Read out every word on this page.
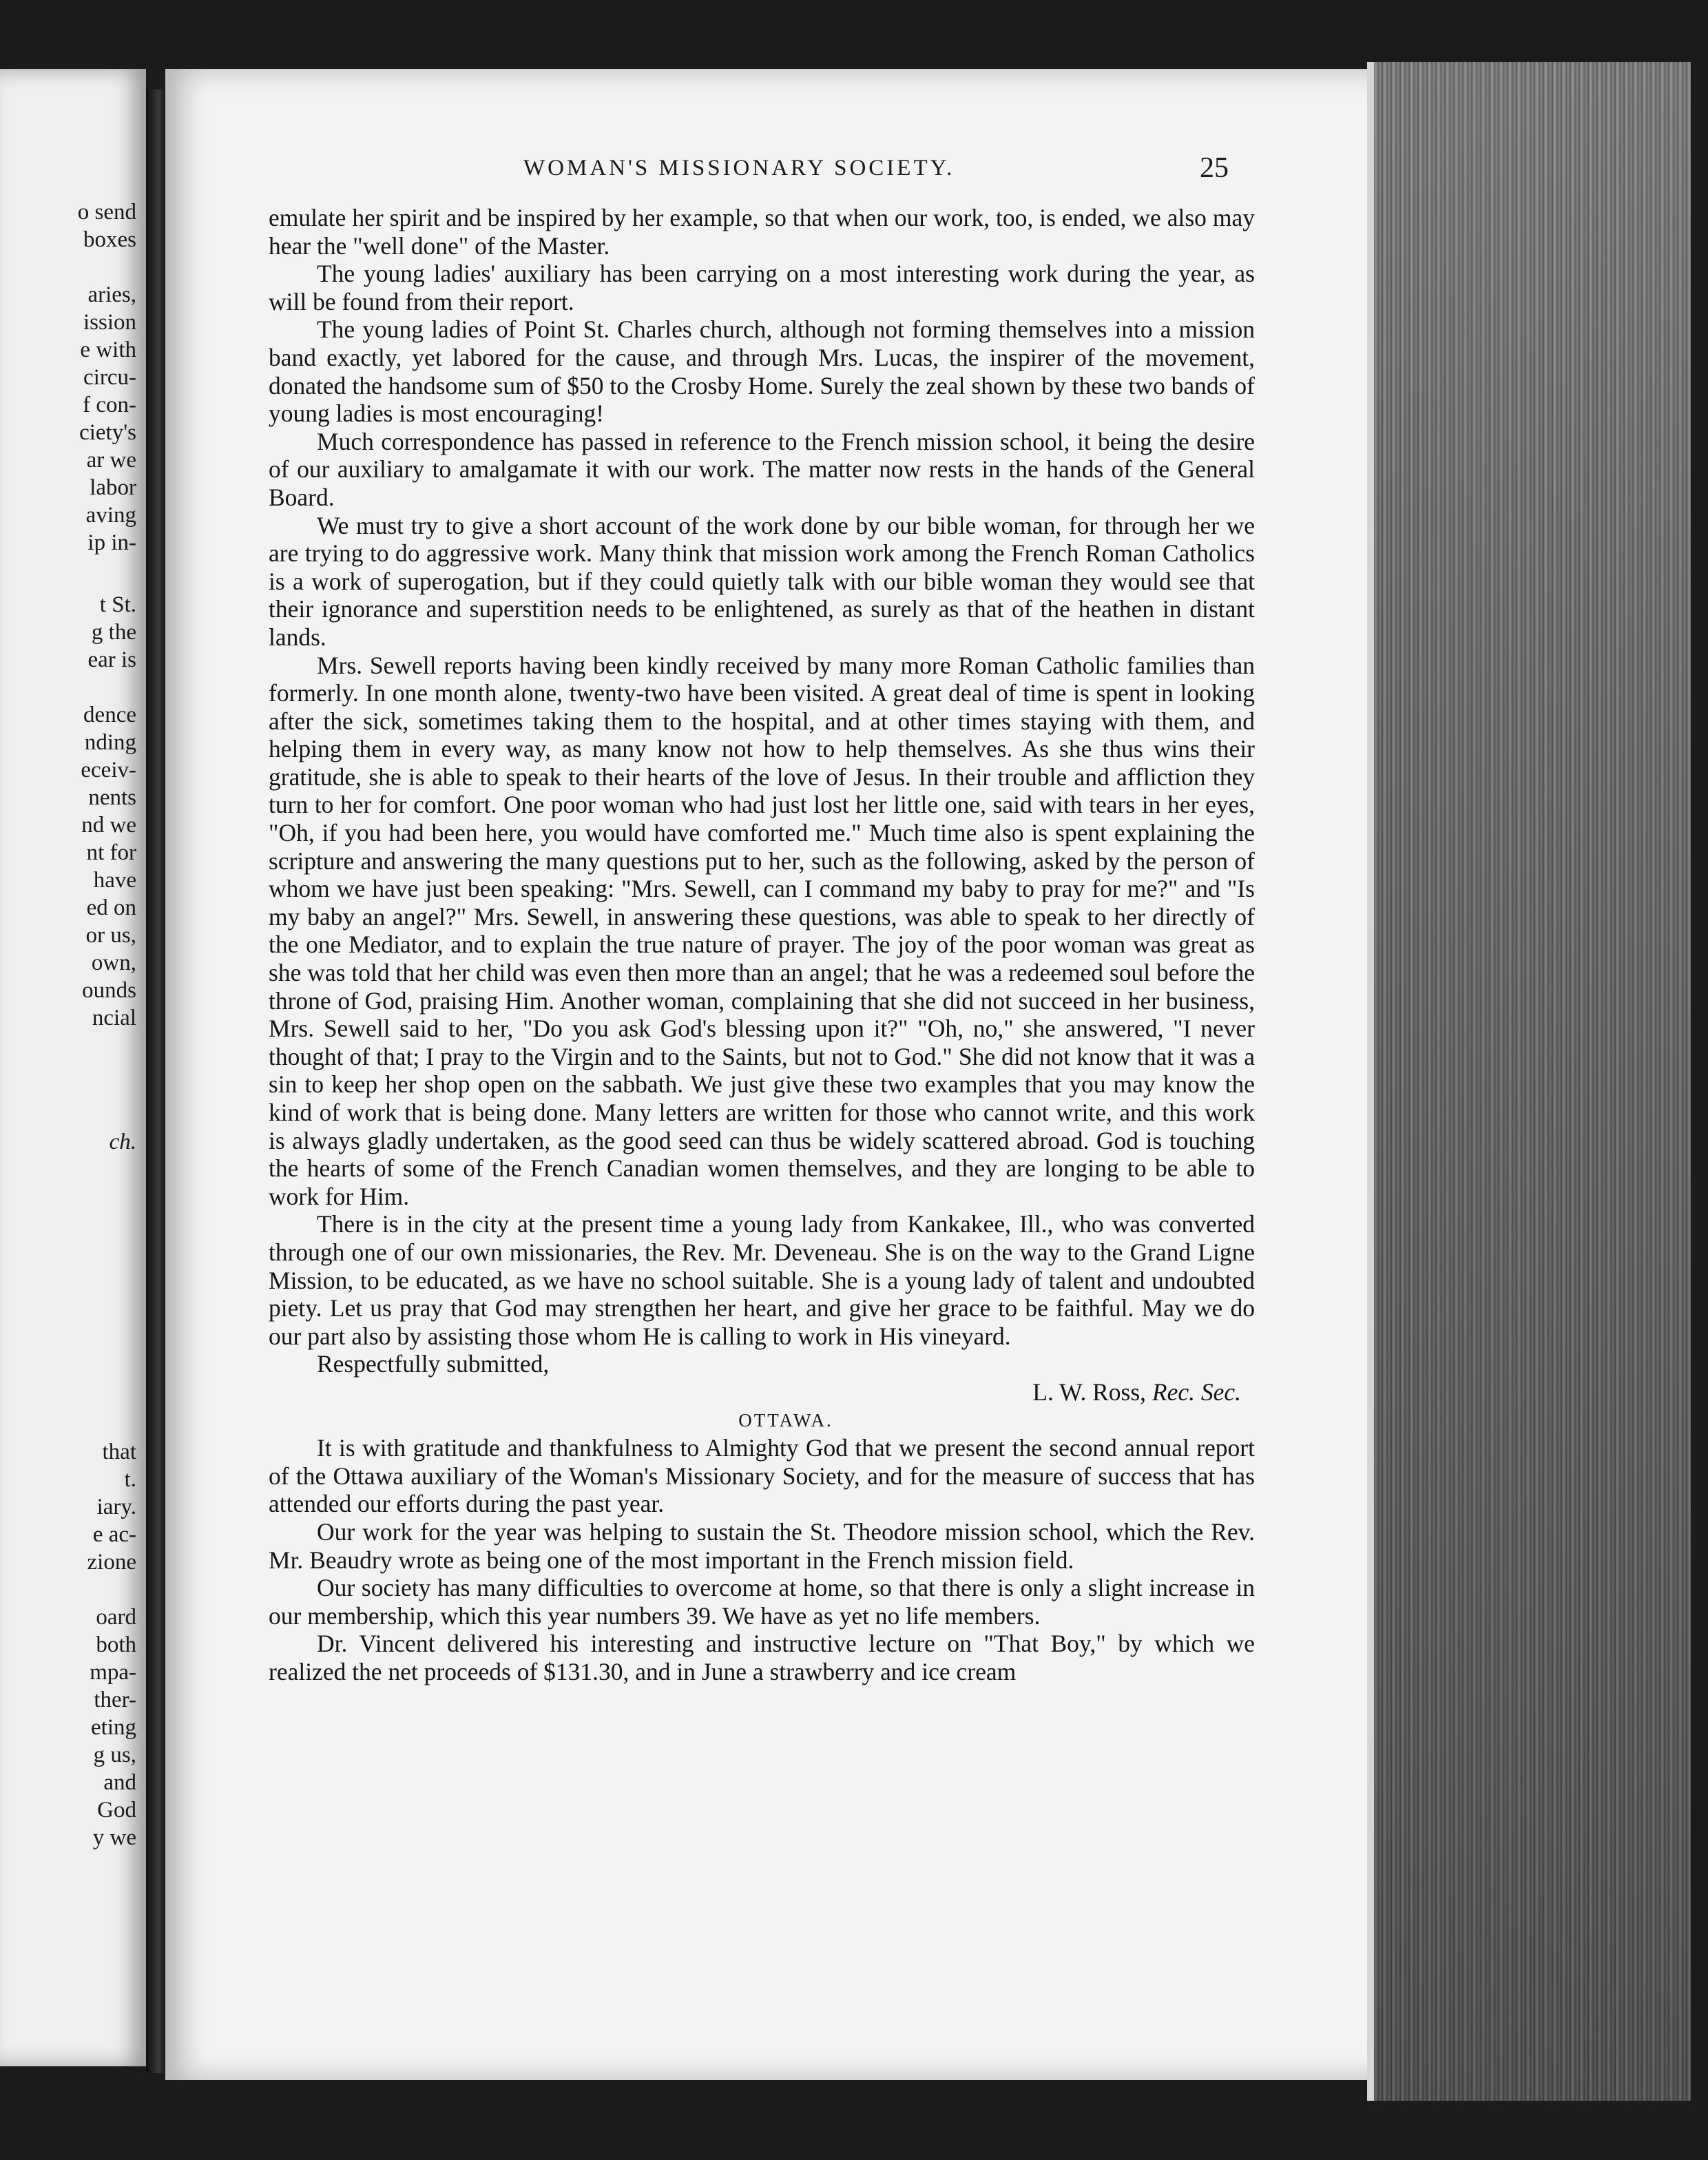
o send
boxes
aries,
ission
e with
circu-
f con-
ciety's
ar we
labor
aving
ip in-
t St.
g the
ear is
dence
nding
eceiv-
nents
nd we
nt for
have
ed on
or us,
own,
ounds
ncial
ch.
that
t.
iary.
e ac-
zione
oard
both
mpa-
ther-
eting
g us,
and
God
y we
WOMAN'S MISSIONARY SOCIETY.	25

emulate her spirit and be inspired by her example, so that when our work, too, is ended, we also may hear the "well done" of the Master.

The young ladies' auxiliary has been carrying on a most interesting work during the year, as will be found from their report.

The young ladies of Point St. Charles church, although not forming themselves into a mission band exactly, yet labored for the cause, and through Mrs. Lucas, the inspirer of the movement, donated the handsome sum of $50 to the Crosby Home. Surely the zeal shown by these two bands of young ladies is most encouraging!

Much correspondence has passed in reference to the French mission school, it being the desire of our auxiliary to amalgamate it with our work. The matter now rests in the hands of the General Board.

We must try to give a short account of the work done by our bible woman, for through her we are trying to do aggressive work. Many think that mission work among the French Roman Catholics is a work of superogation, but if they could quietly talk with our bible woman they would see that their ignorance and superstition needs to be enlightened, as surely as that of the heathen in distant lands.

Mrs. Sewell reports having been kindly received by many more Roman Catholic families than formerly. In one month alone, twenty-two have been visited. A great deal of time is spent in looking after the sick, sometimes taking them to the hospital, and at other times staying with them, and helping them in every way, as many know not how to help themselves. As she thus wins their gratitude, she is able to speak to their hearts of the love of Jesus. In their trouble and affliction they turn to her for comfort. One poor woman who had just lost her little one, said with tears in her eyes, "Oh, if you had been here, you would have comforted me." Much time also is spent explaining the scripture and answering the many questions put to her, such as the following, asked by the person of whom we have just been speaking: "Mrs. Sewell, can I command my baby to pray for me?" and "Is my baby an angel?" Mrs. Sewell, in answering these questions, was able to speak to her directly of the one Mediator, and to explain the true nature of prayer. The joy of the poor woman was great as she was told that her child was even then more than an angel; that he was a redeemed soul before the throne of God, praising Him. Another woman, complaining that she did not succeed in her business, Mrs. Sewell said to her, "Do you ask God's blessing upon it?" "Oh, no," she answered, "I never thought of that; I pray to the Virgin and to the Saints, but not to God." She did not know that it was a sin to keep her shop open on the sabbath. We just give these two examples that you may know the kind of work that is being done. Many letters are written for those who cannot write, and this work is always gladly undertaken, as the good seed can thus be widely scattered abroad. God is touching the hearts of some of the French Canadian women themselves, and they are longing to be able to work for Him.

There is in the city at the present time a young lady from Kankakee, Ill., who was converted through one of our own missionaries, the Rev. Mr. Deveneau. She is on the way to the Grand Ligne Mission, to be educated, as we have no school suitable. She is a young lady of talent and undoubted piety. Let us pray that God may strengthen her heart, and give her grace to be faithful. May we do our part also by assisting those whom He is calling to work in His vineyard.

Respectfully submitted,

L. W. Ross, Rec. Sec.

OTTAWA.

It is with gratitude and thankfulness to Almighty God that we present the second annual report of the Ottawa auxiliary of the Woman's Missionary Society, and for the measure of success that has attended our efforts during the past year.

Our work for the year was helping to sustain the St. Theodore mission school, which the Rev. Mr. Beaudry wrote as being one of the most important in the French mission field.

Our society has many difficulties to overcome at home, so that there is only a slight increase in our membership, which this year numbers 39. We have as yet no life members.

Dr. Vincent delivered his interesting and instructive lecture on "That Boy," by which we realized the net proceeds of $131.30, and in June a strawberry and ice cream
